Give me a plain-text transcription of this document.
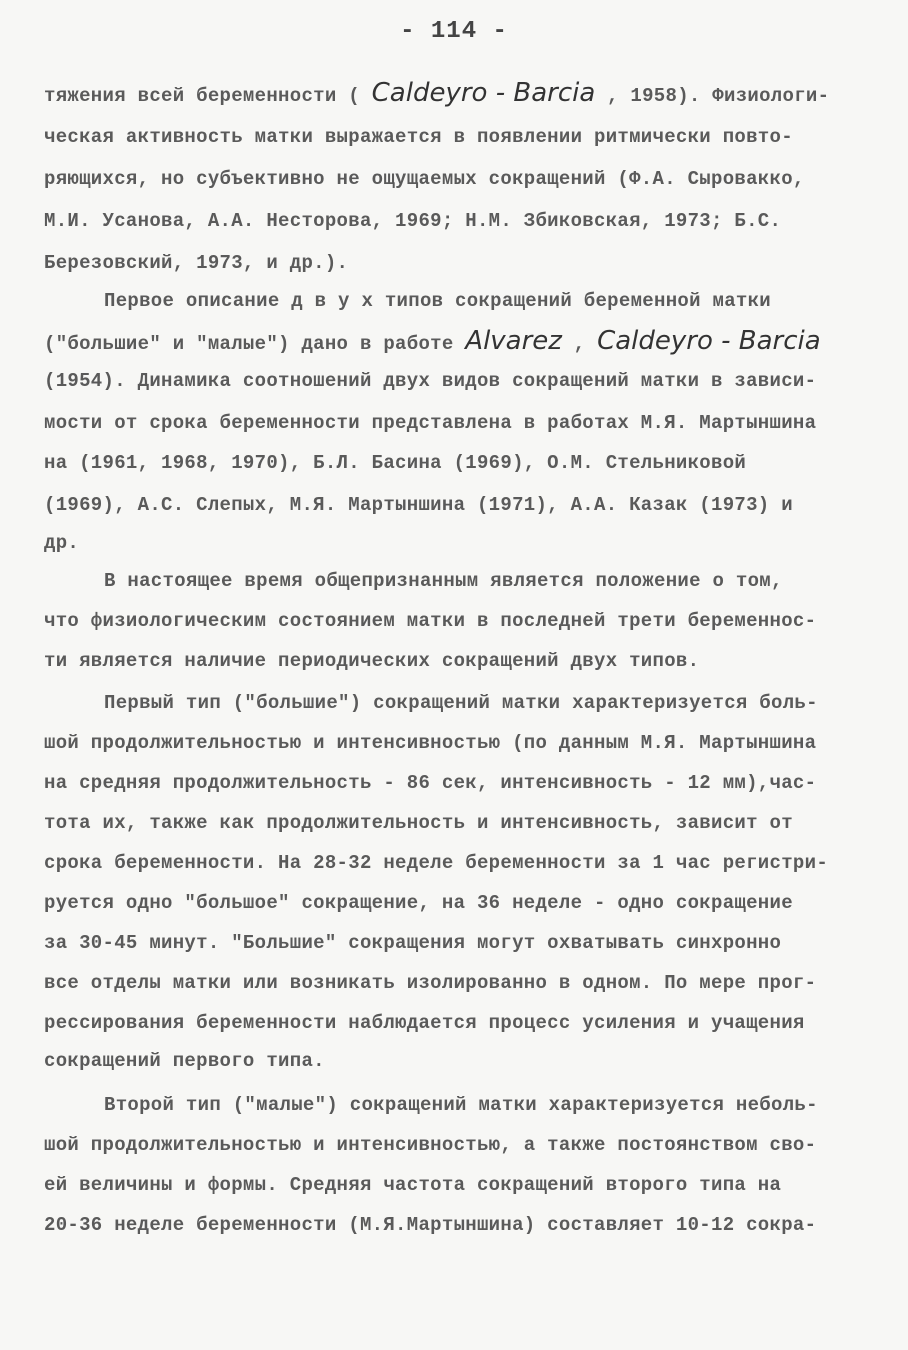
- 114 -
тяжения всей беременности ( Caldeyro - Barcia , 1958). Физиологи-
ческая активность матки выражается в появлении ритмически повто-
ряющихся, но субъективно не ощущаемых сокращений (Ф.А. Сыровакко,
М.И. Усанова, А.А. Несторова, 1969; Н.М. Збиковская, 1973; Б.С.
Березовский, 1973, и др.).
Первое описание д в у х типов сокращений беременной матки
("большие" и "малые") дано в работе Alvarez , Caldeyro - Barcia
(1954). Динамика соотношений двух видов сокращений матки в зависи-
мости от срока беременности представлена в работах М.Я. Мартыншина
на (1961, 1968, 1970), Б.Л. Басина (1969), О.М. Стельниковой
(1969), А.С. Слепых, М.Я. Мартыншина (1971), А.А. Казак (1973) и
др.
В настоящее время общепризнанным является положение о том,
что физиологическим состоянием матки в последней трети беременнос-
ти является наличие периодических сокращений двух типов.
Первый тип ("большие") сокращений матки характеризуется боль-
шой продолжительностью и интенсивностью (по данным М.Я. Мартыншина
на средняя продолжительность - 86 сек, интенсивность - 12 мм),час-
тота их, также как продолжительность и интенсивность, зависит от
срока беременности. На 28-32 неделе беременности за 1 час регистри-
руется одно "большое" сокращение, на 36 неделе - одно сокращение
за 30-45 минут. "Большие" сокращения могут охватывать синхронно
все отделы матки или возникать изолированно в одном. По мере прог-
рессирования беременности наблюдается процесс усиления и учащения
сокращений первого типа.
Второй тип ("малые") сокращений матки характеризуется неболь-
шой продолжительностью и интенсивностью, а также постоянством сво-
ей величины и формы. Средняя частота сокращений второго типа на
20-36 неделе беременности (М.Я.Мартыншина) составляет 10-12 сокра-
